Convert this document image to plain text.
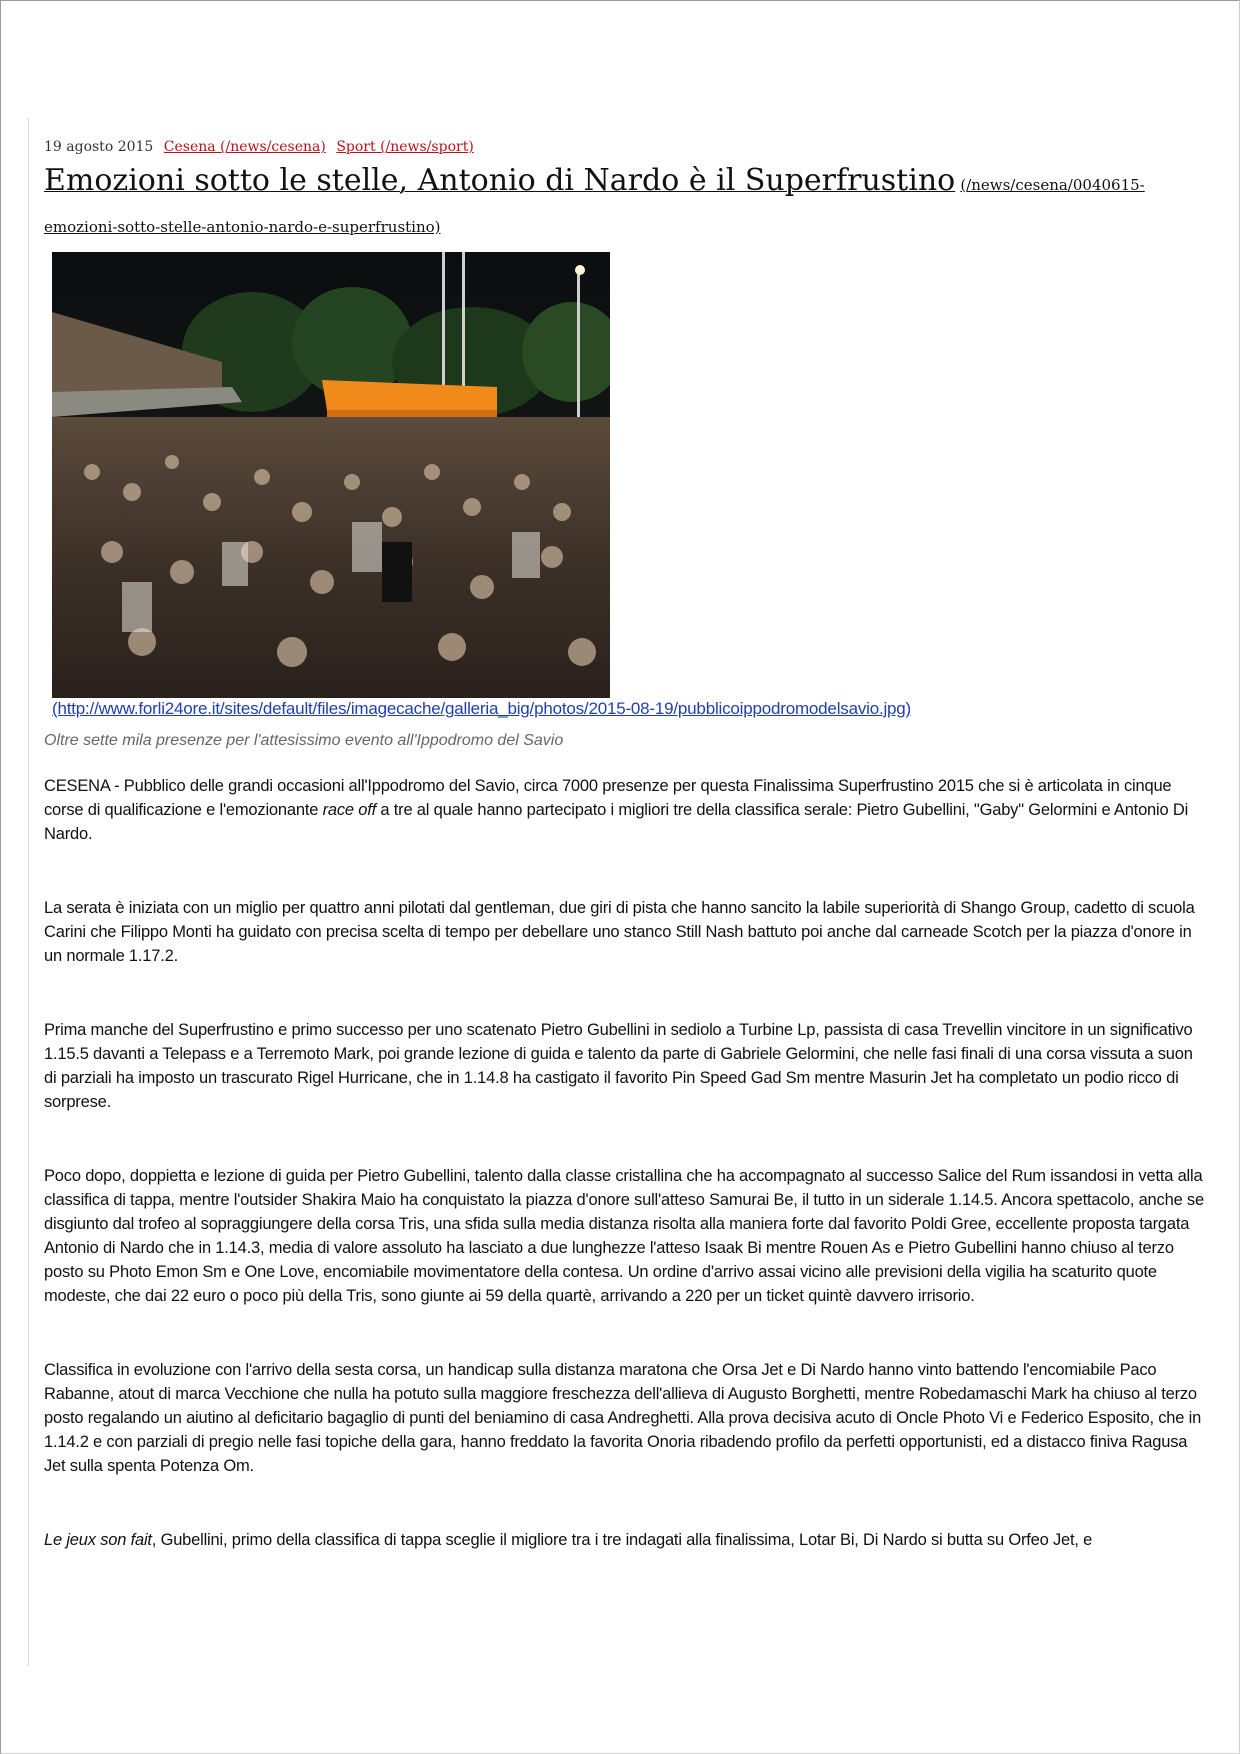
19 agosto 2015 Cesena (/news/cesena) Sport (/news/sport)
Emozioni sotto le stelle, Antonio di Nardo è il Superfrustino (/news/cesena/0040615-emozioni-sotto-stelle-antonio-nardo-e-superfrustino)
(http://www.forli24ore.it/sites/default/files/imagecache/galleria_big/photos/2015-08-19/pubblicoippodromodelsavio.jpg)
Oltre sette mila presenze per l'attesissimo evento all'Ippodromo del Savio

CESENA - Pubblico delle grandi occasioni all'Ippodromo del Savio, circa 7000 presenze per questa Finalissima Superfrustino 2015 che si è articolata in cinque corse di qualificazione e l'emozionante race off a tre al quale hanno partecipato i migliori tre della classifica serale: Pietro Gubellini, "Gaby" Gelormini e Antonio Di Nardo.

La serata è iniziata con un miglio per quattro anni pilotati dal gentleman, due giri di pista che hanno sancito la labile superiorità di Shango Group, cadetto di scuola Carini che Filippo Monti ha guidato con precisa scelta di tempo per debellare uno stanco Still Nash battuto poi anche dal carneade Scotch per la piazza d'onore in un normale 1.17.2.

Prima manche del Superfrustino e primo successo per uno scatenato Pietro Gubellini in sediolo a Turbine Lp, passista di casa Trevellin vincitore in un significativo 1.15.5 davanti a Telepass e a Terremoto Mark, poi grande lezione di guida e talento da parte di Gabriele Gelormini, che nelle fasi finali di una corsa vissuta a suon di parziali ha imposto un trascurato Rigel Hurricane, che in 1.14.8 ha castigato il favorito Pin Speed Gad Sm mentre Masurin Jet ha completato un podio ricco di sorprese.

Poco dopo, doppietta e lezione di guida per Pietro Gubellini, talento dalla classe cristallina che ha accompagnato al successo Salice del Rum issandosi in vetta alla classifica di tappa, mentre l'outsider Shakira Maio ha conquistato la piazza d'onore sull'atteso Samurai Be, il tutto in un siderale 1.14.5. Ancora spettacolo, anche se disgiunto dal trofeo al sopraggiungere della corsa Tris, una sfida sulla media distanza risolta alla maniera forte dal favorito Poldi Gree, eccellente proposta targata Antonio di Nardo che in 1.14.3, media di valore assoluto ha lasciato a due lunghezze l'atteso Isaak Bi mentre Rouen As e Pietro Gubellini hanno chiuso al terzo posto su Photo Emon Sm e One Love, encomiabile movimentatore della contesa. Un ordine d'arrivo assai vicino alle previsioni della vigilia ha scaturito quote modeste, che dai 22 euro o poco più della Tris, sono giunte ai 59 della quartè, arrivando a 220 per un ticket quintè davvero irrisorio.

Classifica in evoluzione con l'arrivo della sesta corsa, un handicap sulla distanza maratona che Orsa Jet e Di Nardo hanno vinto battendo l'encomiabile Paco Rabanne, atout di marca Vecchione che nulla ha potuto sulla maggiore freschezza dell'allieva di Augusto Borghetti, mentre Robedamaschi Mark ha chiuso al terzo posto regalando un aiutino al deficitario bagaglio di punti del beniamino di casa Andreghetti. Alla prova decisiva acuto di Oncle Photo Vi e Federico Esposito, che in 1.14.2 e con parziali di pregio nelle fasi topiche della gara, hanno freddato la favorita Onoria ribadendo profilo da perfetti opportunisti, ed a distacco finiva Ragusa Jet sulla spenta Potenza Om.

Le jeux son fait, Gubellini, primo della classifica di tappa sceglie il migliore tra i tre indagati alla finalissima, Lotar Bi, Di Nardo si butta su Orfeo Jet, e
